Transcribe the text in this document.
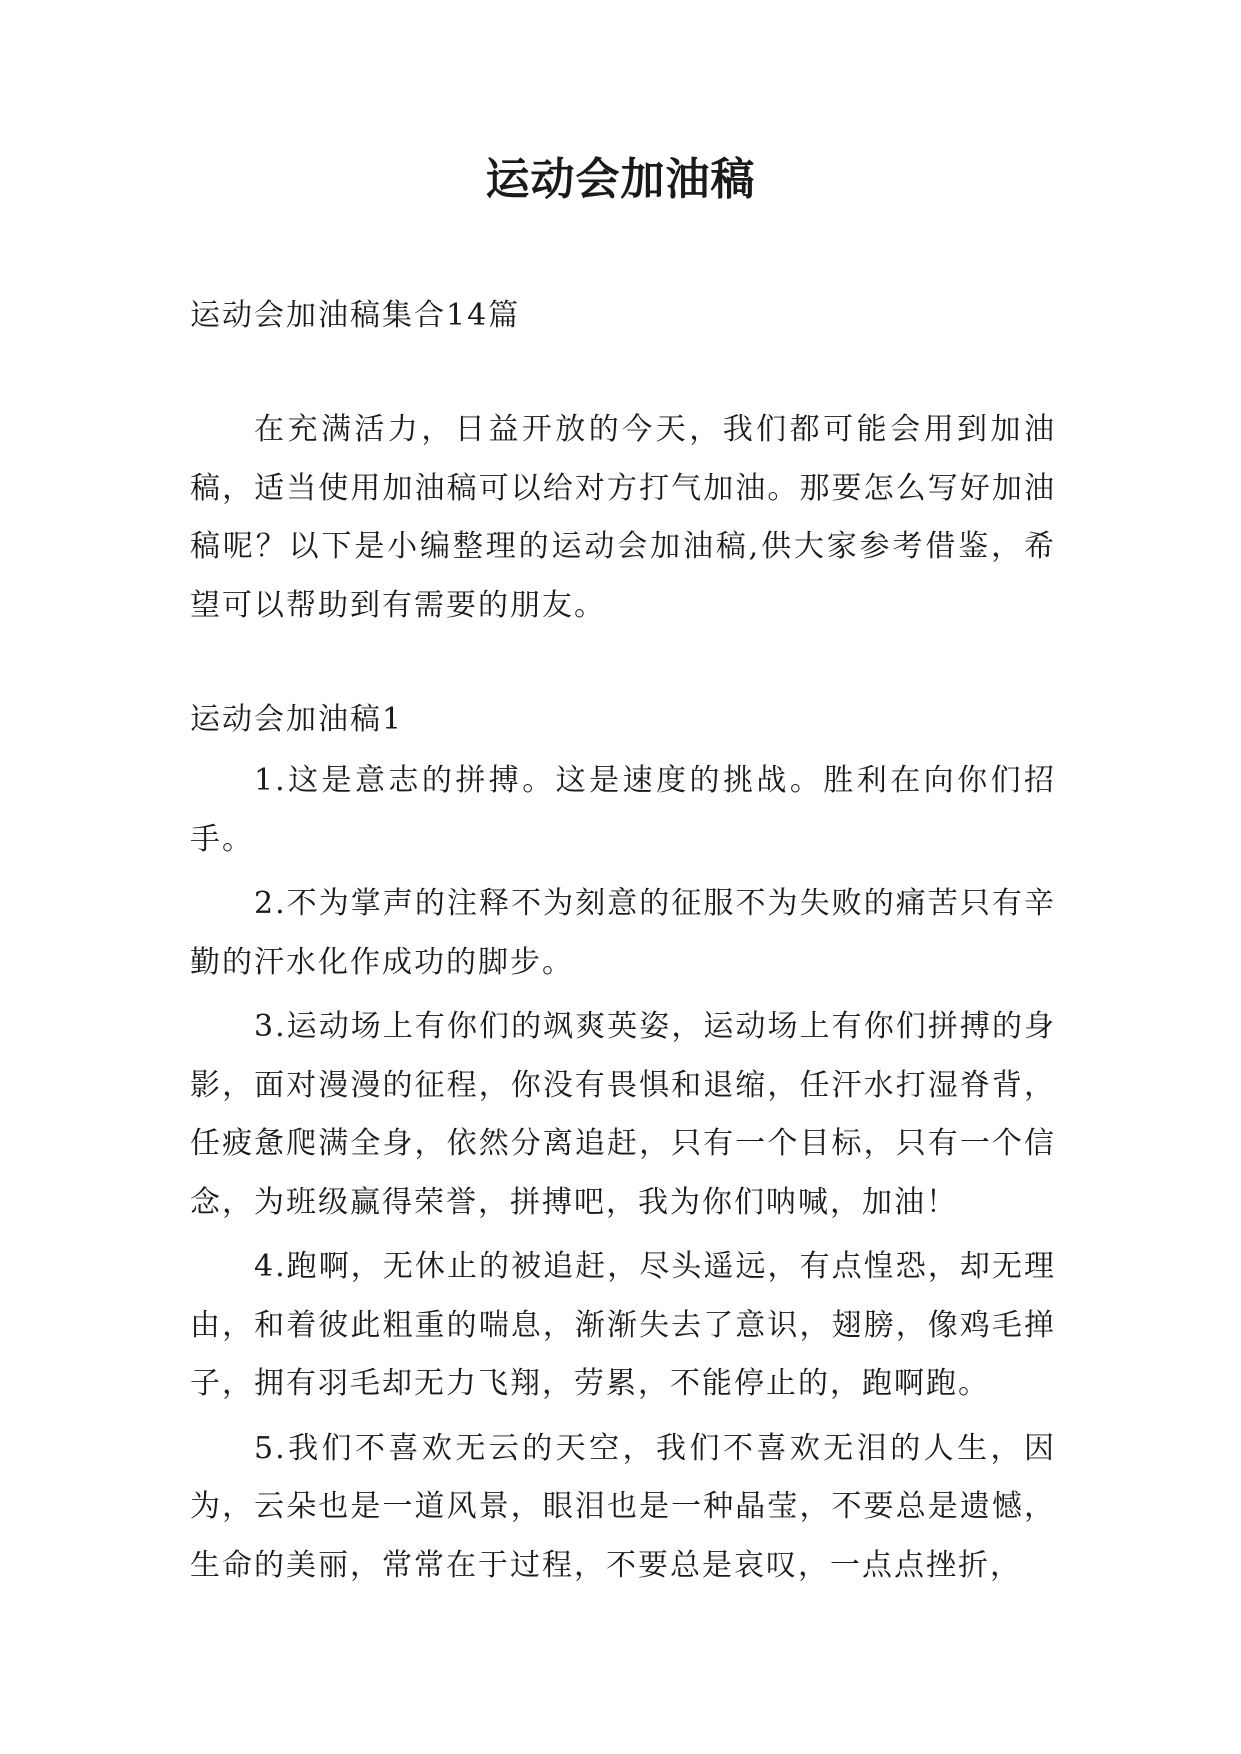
运动会加油稿

运动会加油稿集合14篇

在充满活力，日益开放的今天，我们都可能会用到加油稿，适当使用加油稿可以给对方打气加油。那要怎么写好加油稿呢？以下是小编整理的运动会加油稿,供大家参考借鉴，希望可以帮助到有需要的朋友。

运动会加油稿1

1.这是意志的拼搏。这是速度的挑战。胜利在向你们招手。
2.不为掌声的注释不为刻意的征服不为失败的痛苦只有辛勤的汗水化作成功的脚步。
3.运动场上有你们的飒爽英姿，运动场上有你们拼搏的身影，面对漫漫的征程，你没有畏惧和退缩，任汗水打湿脊背，任疲惫爬满全身，依然分离追赶，只有一个目标，只有一个信念，为班级赢得荣誉，拼搏吧，我为你们呐喊，加油！
4.跑啊，无休止的被追赶，尽头遥远，有点惶恐，却无理由，和着彼此粗重的喘息，渐渐失去了意识，翅膀，像鸡毛掸子，拥有羽毛却无力飞翔，劳累，不能停止的，跑啊跑。
5.我们不喜欢无云的天空，我们不喜欢无泪的人生，因为，云朵也是一道风景，眼泪也是一种晶莹，不要总是遗憾，生命的美丽，常常在于过程，不要总是哀叹，一点点挫折，
